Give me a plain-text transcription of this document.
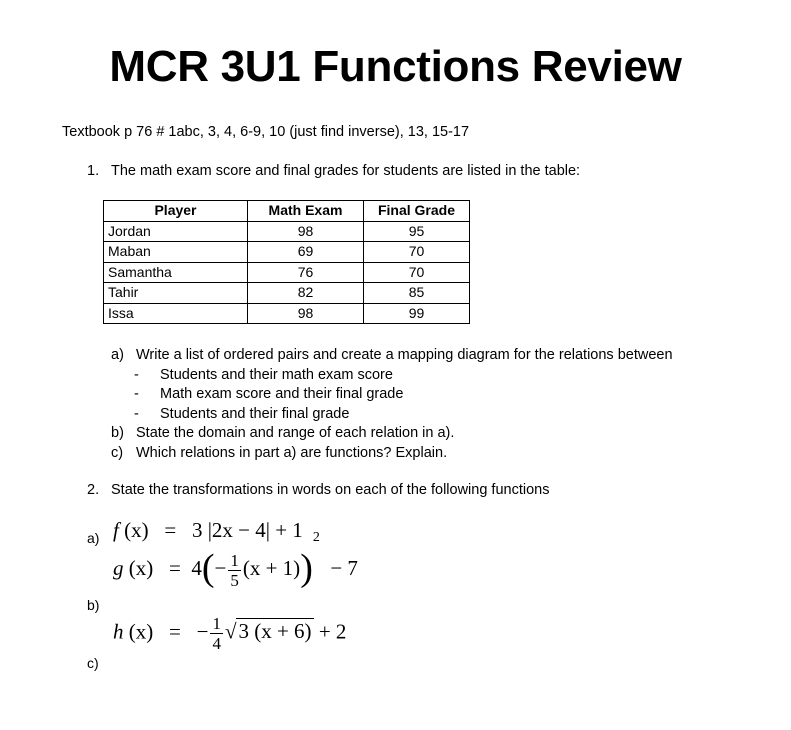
MCR 3U1 Functions Review
Textbook p 76 # 1abc, 3, 4, 6-9, 10 (just find inverse), 13, 15-17
1. The math exam score and final grades for students are listed in the table:
Player	Math Exam	Final Grade
Jordan	98	95
Maban	69	70
Samantha	76	70
Tahir	82	85
Issa	98	99
a) Write a list of ordered pairs and create a mapping diagram for the relations between
- Students and their math exam score
- Math exam score and their final grade
- Students and their final grade
b) State the domain and range of each relation in a).
c) Which relations in part a) are functions? Explain.
2. State the transformations in words on each of the following functions
a)
b)
c)
f (x) = 3 |2x − 4| + 1
g $(x) = 4(- \frac{1}{5} (x + 1))^2 - 7$
h (x) = − $\frac{1}{4} √3$ (x + 6) + 2
